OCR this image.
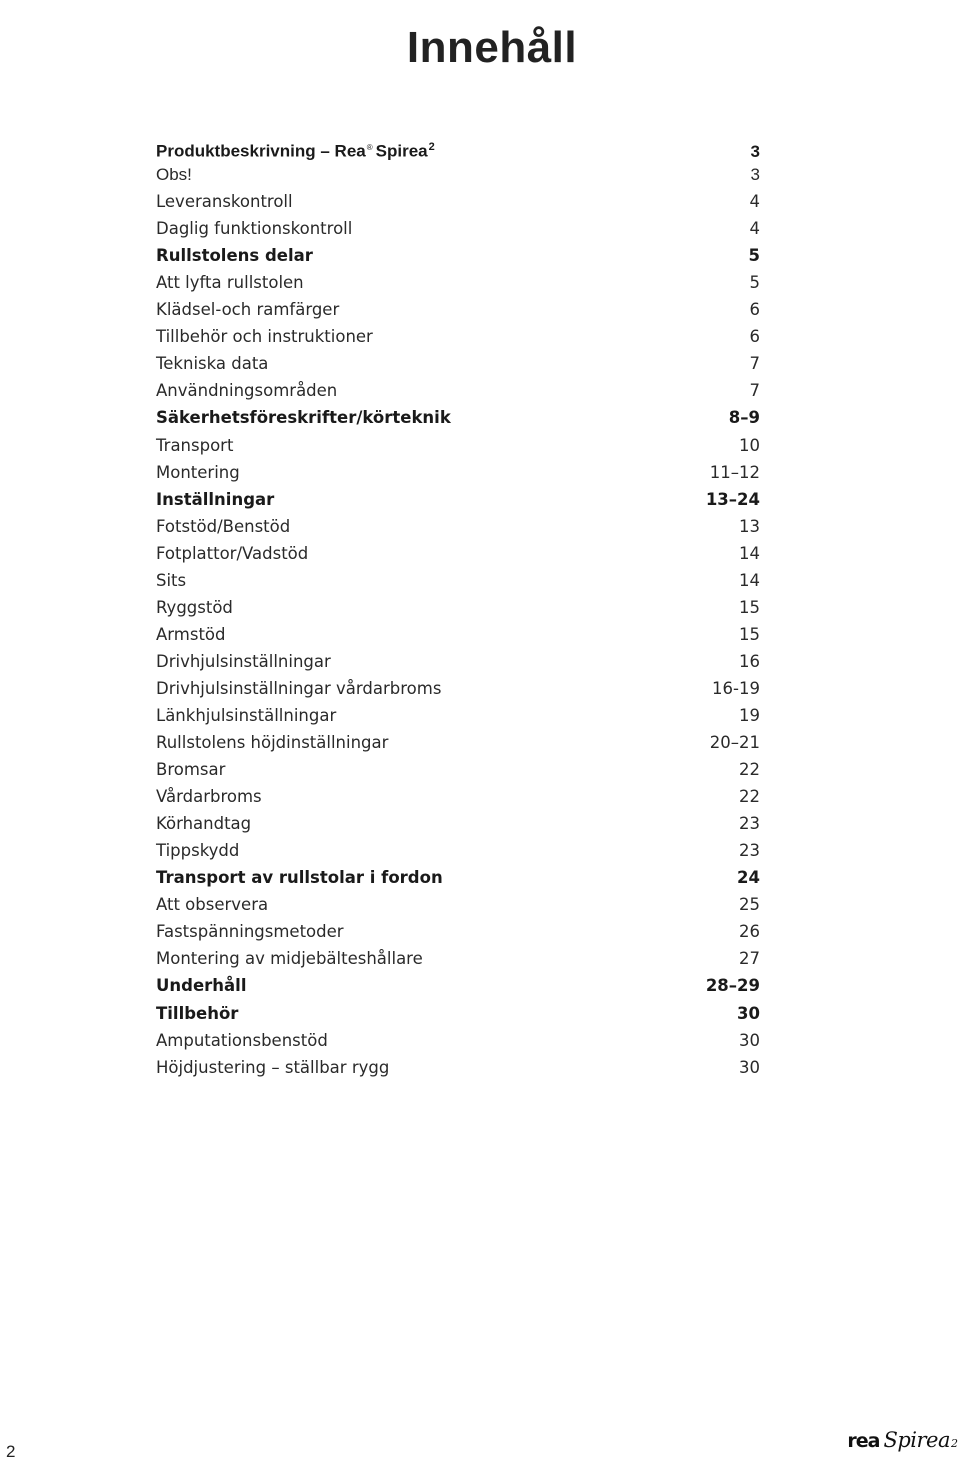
Innehåll
Produktbeskrivning – Rea® Spirea$^2$	3
Obs!	3
Leveranskontroll	4
Daglig funktionskontroll	4
Rullstolens delar	5
Att lyfta rullstolen	5
Klädsel-och ramfärger	6
Tillbehör och instruktioner	6
Tekniska data	7
Användningsområden	7
Säkerhetsföreskrifter/körteknik	8–9
Transport	10
Montering	11–12
Inställningar	13–24
Fotstöd/Benstöd	13
Fotplattor/Vadstöd	14
Sits	14
Ryggstöd	15
Armstöd	15
Drivhjulsinställningar	16
Drivhjulsinställningar vårdarbroms	16-19
Länkhjulsinställningar	19
Rullstolens höjdinställningar	20–21
Bromsar	22
Vårdarbroms	22
Körhandtag	23
Tippskydd	23
Transport av rullstolar i fordon	24
Att observera	25
Fastspänningsmetoder	26
Montering av midjebälteshållare	27
Underhåll	28–29
Tillbehör	30
Amputationsbenstöd	30
Höjdjustering – ställbar rygg	30
2	rea Spirea 2
